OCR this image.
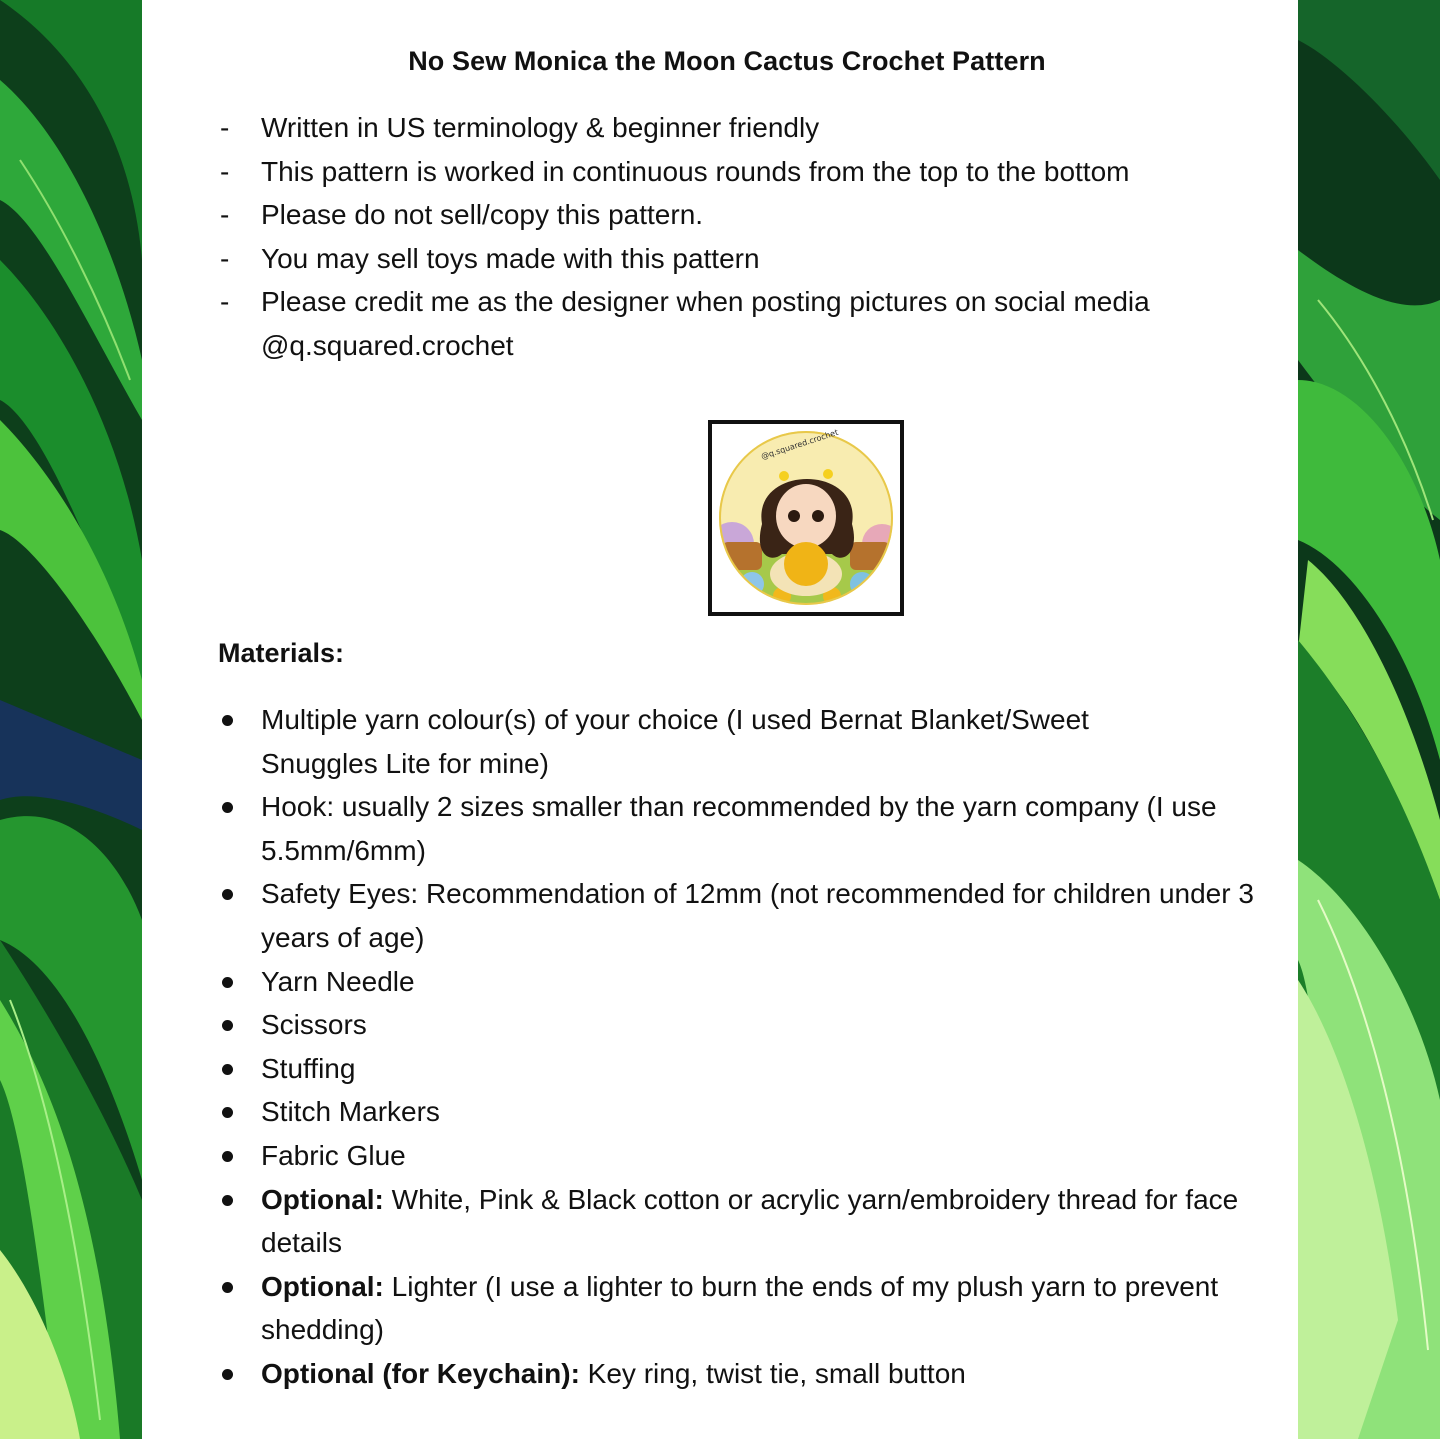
No Sew Monica the Moon Cactus Crochet Pattern
- Written in US terminology & beginner friendly
- This pattern is worked in continuous rounds from the top to the bottom
- Please do not sell/copy this pattern.
- You may sell toys made with this pattern
- Please credit me as the designer when posting pictures on social media @q.squared.crochet
@q.squared.crochet
Materials:
Multiple yarn colour(s) of your choice (I used Bernat Blanket/Sweet Snuggles Lite for mine)
Hook: usually 2 sizes smaller than recommended by the yarn company (I use 5.5mm/6mm)
Safety Eyes: Recommendation of 12mm (not recommended for children under 3 years of age)
Yarn Needle
Scissors
Stuffing
Stitch Markers
Fabric Glue
Optional: White, Pink & Black cotton or acrylic yarn/embroidery thread for face details
Optional: Lighter (I use a lighter to burn the ends of my plush yarn to prevent shedding)
Optional (for Keychain): Key ring, twist tie, small button
